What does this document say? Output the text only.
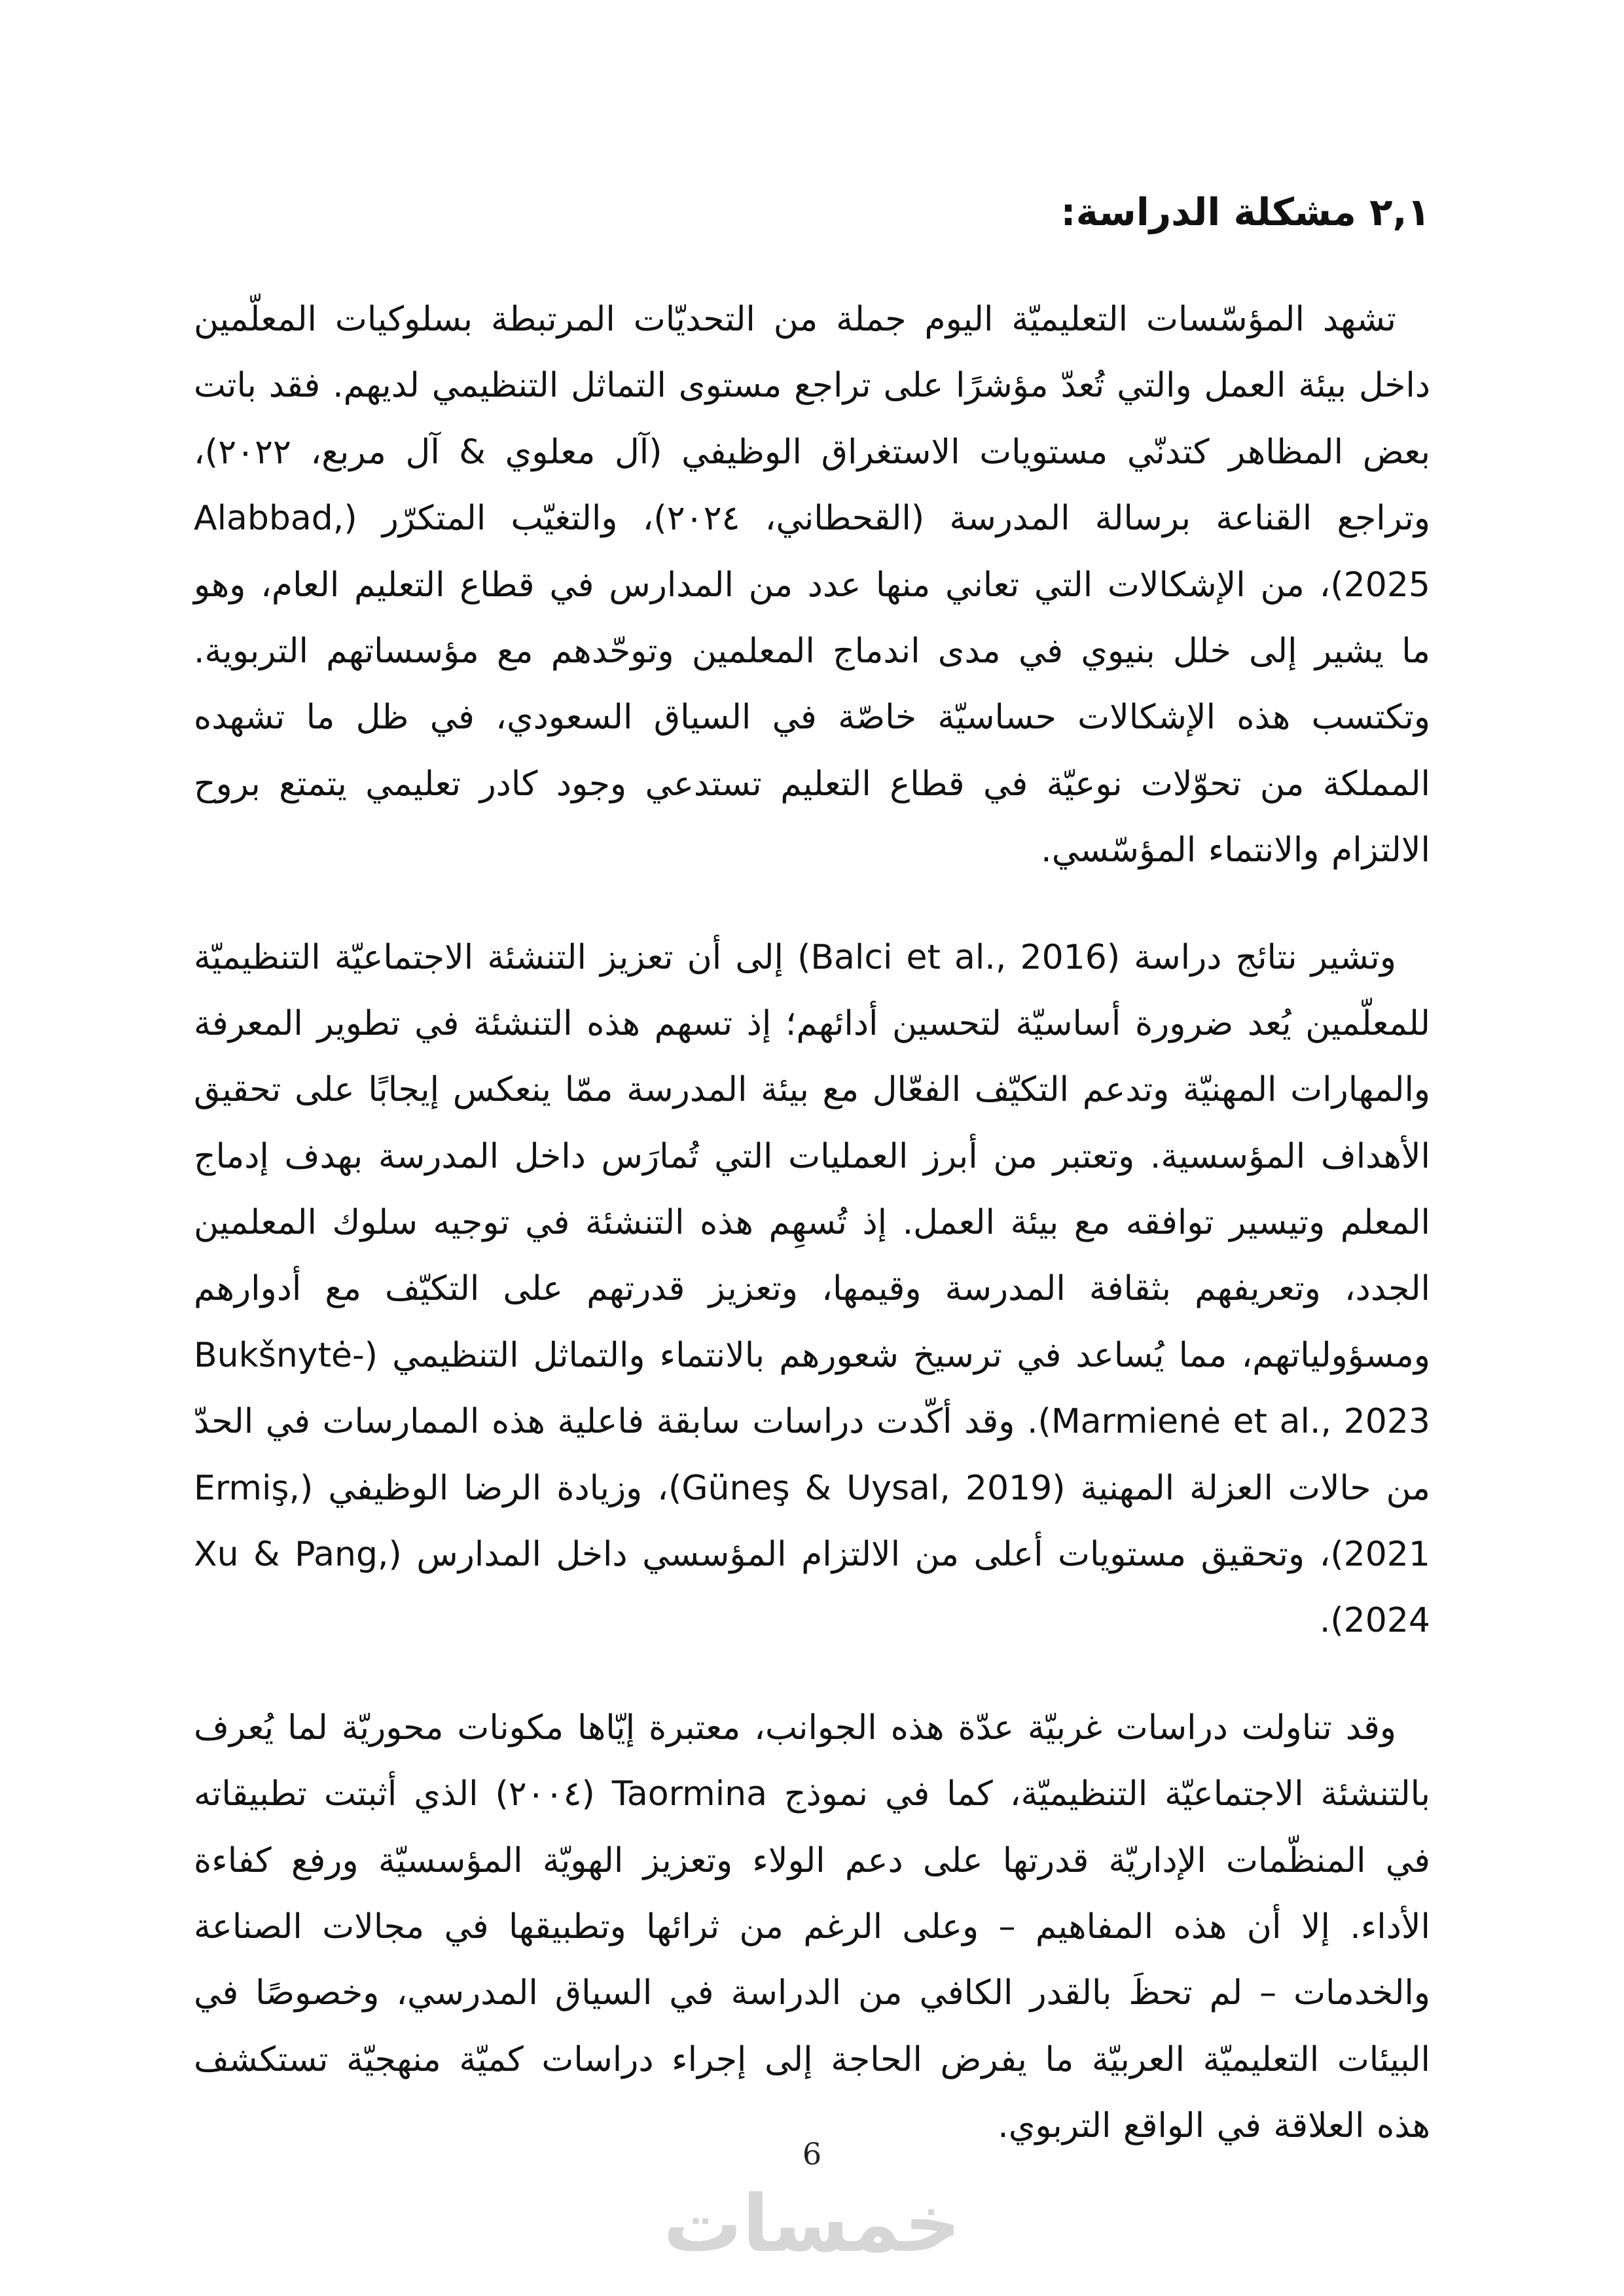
٢,١ مشكلة الدراسة:

تشهد المؤسّسات التعليميّة اليوم جملة من التحديّات المرتبطة بسلوكيات المعلّمين داخل بيئة العمل والتي تُعدّ مؤشرًا على تراجع مستوى التماثل التنظيمي لديهم. فقد باتت بعض المظاهر كتدنّي مستويات الاستغراق الوظيفي (آل معلوي & آل مربع، ٢٠٢٢)، وتراجع القناعة برسالة المدرسة (القحطاني، ٢٠٢٤)، والتغيّب المتكرّر (Alabbad, 2025)، من الإشكالات التي تعاني منها عدد من المدارس في قطاع التعليم العام، وهو ما يشير إلى خلل بنيوي في مدى اندماج المعلمين وتوحّدهم مع مؤسساتهم التربوية. وتكتسب هذه الإشكالات حساسيّة خاصّة في السياق السعودي، في ظل ما تشهده المملكة من تحوّلات نوعيّة في قطاع التعليم تستدعي وجود كادر تعليمي يتمتع بروح الالتزام والانتماء المؤسّسي.

وتشير نتائج دراسة (Balci et al., 2016) إلى أن تعزيز التنشئة الاجتماعيّة التنظيميّة للمعلّمين يُعد ضرورة أساسيّة لتحسين أدائهم؛ إذ تسهم هذه التنشئة في تطوير المعرفة والمهارات المهنيّة وتدعم التكيّف الفعّال مع بيئة المدرسة ممّا ينعكس إيجابًا على تحقيق الأهداف المؤسسية. وتعتبر من أبرز العمليات التي تُمارَس داخل المدرسة بهدف إدماج المعلم وتيسير توافقه مع بيئة العمل. إذ تُسهِم هذه التنشئة في توجيه سلوك المعلمين الجدد، وتعريفهم بثقافة المدرسة وقيمها، وتعزيز قدرتهم على التكيّف مع أدوارهم ومسؤولياتهم، مما يُساعد في ترسيخ شعورهم بالانتماء والتماثل التنظيمي (Bukšnytė-Marmienė et al., 2023). وقد أكّدت دراسات سابقة فاعلية هذه الممارسات في الحدّ من حالات العزلة المهنية (Güneş & Uysal, 2019)، وزيادة الرضا الوظيفي (Ermiş, 2021)، وتحقيق مستويات أعلى من الالتزام المؤسسي داخل المدارس (Xu & Pang, 2024).

وقد تناولت دراسات غربيّة عدّة هذه الجوانب، معتبرة إيّاها مكونات محوريّة لما يُعرف بالتنشئة الاجتماعيّة التنظيميّة، كما في نموذج Taormina (٢٠٠٤) الذي أثبتت تطبيقاته في المنظّمات الإداريّة قدرتها على دعم الولاء وتعزيز الهويّة المؤسسيّة ورفع كفاءة الأداء. إلا أن هذه المفاهيم – وعلى الرغم من ثرائها وتطبيقها في مجالات الصناعة والخدمات – لم تحظَ بالقدر الكافي من الدراسة في السياق المدرسي، وخصوصًا في البيئات التعليميّة العربيّة ما يفرض الحاجة إلى إجراء دراسات كميّة منهجيّة تستكشف هذه العلاقة في الواقع التربوي.

6
خمسات
